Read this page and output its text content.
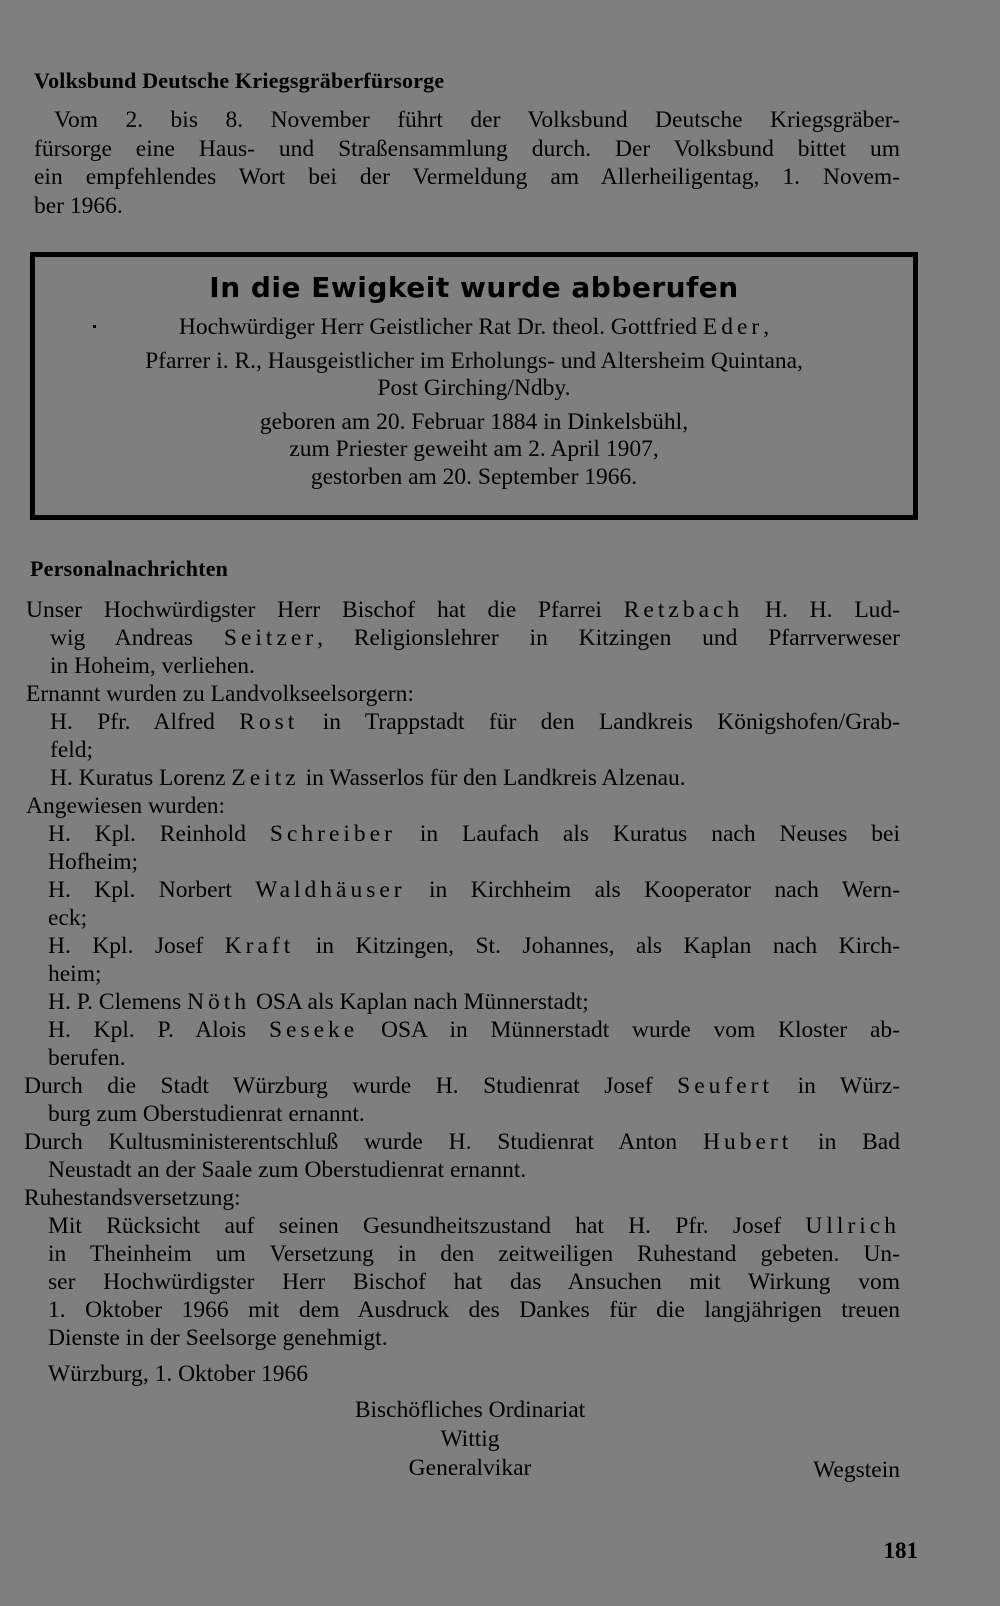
Volksbund Deutsche Kriegsgräberfürsorge
Vom 2. bis 8. November führt der Volksbund Deutsche Kriegsgräber-
fürsorge eine Haus- und Straßensammlung durch. Der Volksbund bittet um
ein empfehlendes Wort bei der Vermeldung am Allerheiligentag, 1. Novem-
ber 1966.
In die Ewigkeit wurde abberufen
Hochwürdiger Herr Geistlicher Rat Dr. theol. Gottfried Eder,
Pfarrer i. R., Hausgeistlicher im Erholungs- und Altersheim Quintana,
Post Girching/Ndby.
geboren am 20. Februar 1884 in Dinkelsbühl,
zum Priester geweiht am 2. April 1907,
gestorben am 20. September 1966.
Personalnachrichten
Unser Hochwürdigster Herr Bischof hat die Pfarrei Retzbach H. H. Lud-
wig Andreas Seitzer, Religionslehrer in Kitzingen und Pfarrverweser
in Hoheim, verliehen.
Ernannt wurden zu Landvolkseelsorgern:
H. Pfr. Alfred Rost in Trappstadt für den Landkreis Königshofen/Grab-
feld;
H. Kuratus Lorenz Zeitz in Wasserlos für den Landkreis Alzenau.
Angewiesen wurden:
H. Kpl. Reinhold Schreiber in Laufach als Kuratus nach Neuses bei
Hofheim;
H. Kpl. Norbert Waldhäuser in Kirchheim als Kooperator nach Wern-
eck;
H. Kpl. Josef Kraft in Kitzingen, St. Johannes, als Kaplan nach Kirch-
heim;
H. P. Clemens Nöth OSA als Kaplan nach Münnerstadt;
H. Kpl. P. Alois Seseke OSA in Münnerstadt wurde vom Kloster ab-
berufen.
Durch die Stadt Würzburg wurde H. Studienrat Josef Seufert in Würz-
burg zum Oberstudienrat ernannt.
Durch Kultusministerentschluß wurde H. Studienrat Anton Hubert in Bad
Neustadt an der Saale zum Oberstudienrat ernannt.
Ruhestandsversetzung:
Mit Rücksicht auf seinen Gesundheitszustand hat H. Pfr. Josef Ullrich
in Theinheim um Versetzung in den zeitweiligen Ruhestand gebeten. Un-
ser Hochwürdigster Herr Bischof hat das Ansuchen mit Wirkung vom
1. Oktober 1966 mit dem Ausdruck des Dankes für die langjährigen treuen
Dienste in der Seelsorge genehmigt.
Würzburg, 1. Oktober 1966
Bischöfliches Ordinariat
Wittig
Generalvikar	Wegstein
181
